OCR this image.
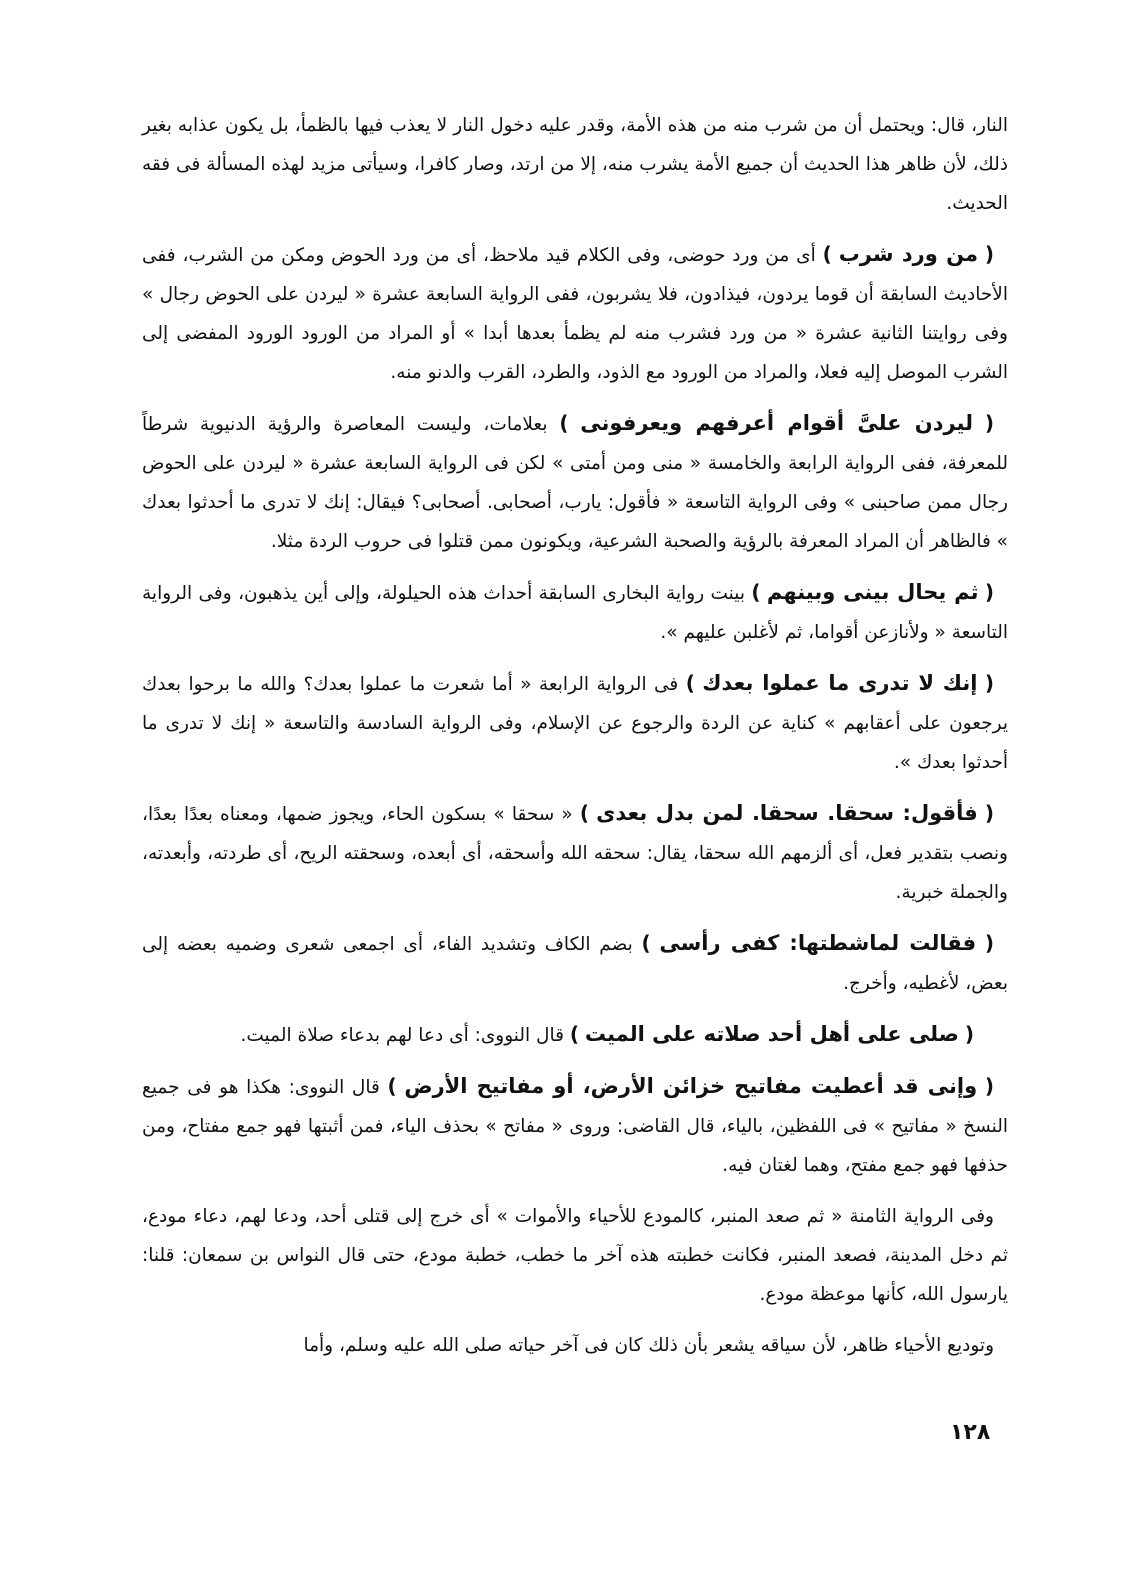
النار، قال: ويحتمل أن من شرب منه من هذه الأمة، وقدر عليه دخول النار لا يعذب فيها بالظمأ، بل يكون عذابه بغير ذلك، لأن ظاهر هذا الحديث أن جميع الأمة يشرب منه، إلا من ارتد، وصار كافرا، وسيأتى مزيد لهذه المسألة فى فقه الحديث.

( من ورد شرب ) أى من ورد حوضى، وفى الكلام قيد ملاحظ، أى من ورد الحوض ومكن من الشرب، ففى الأحاديث السابقة أن قوما يردون، فيذادون، فلا يشربون، ففى الرواية السابعة عشرة « ليردن على الحوض رجال » وفى روايتنا الثانية عشرة « من ورد فشرب منه لم يظمأ بعدها أبدا » أو المراد من الورود الورود المفضى إلى الشرب الموصل إليه فعلا، والمراد من الورود مع الذود، والطرد، القرب والدنو منه.

( ليردن علىَّ أقوام أعرفهم ويعرفونى ) بعلامات، وليست المعاصرة والرؤية الدنيوية شرطاً للمعرفة، ففى الرواية الرابعة والخامسة « منى ومن أمتى » لكن فى الرواية السابعة عشرة « ليردن على الحوض رجال ممن صاحبنى » وفى الرواية التاسعة « فأقول: يارب، أصحابى. أصحابى؟ فيقال: إنك لا تدرى ما أحدثوا بعدك » فالظاهر أن المراد المعرفة بالرؤية والصحبة الشرعية، ويكونون ممن قتلوا فى حروب الردة مثلا.

( ثم يحال بينى وبينهم ) بينت رواية البخارى السابقة أحداث هذه الحيلولة، وإلى أين يذهبون، وفى الرواية التاسعة « ولأنازعن أقواما، ثم لأغلبن عليهم ».

( إنك لا تدرى ما عملوا بعدك ) فى الرواية الرابعة « أما شعرت ما عملوا بعدك؟ والله ما برحوا بعدك يرجعون على أعقابهم » كناية عن الردة والرجوع عن الإسلام، وفى الرواية السادسة والتاسعة « إنك لا تدرى ما أحدثوا بعدك ».

( فأقول: سحقا. سحقا. لمن بدل بعدى ) « سحقا » بسكون الحاء، ويجوز ضمها، ومعناه بعدًا بعدًا، ونصب بتقدير فعل، أى ألزمهم الله سحقا، يقال: سحقه الله وأسحقه، أى أبعده، وسحقته الريح، أى طردته، وأبعدته، والجملة خبرية.

( فقالت لماشطتها: كفى رأسى ) بضم الكاف وتشديد الفاء، أى اجمعى شعرى وضميه بعضه إلى بعض، لأغطيه، وأخرج.

( صلى على أهل أحد صلاته على الميت ) قال النووى: أى دعا لهم بدعاء صلاة الميت.

( وإنى قد أعطيت مفاتيح خزائن الأرض، أو مفاتيح الأرض ) قال النووى: هكذا هو فى جميع النسخ « مفاتيح » فى اللفظين، بالياء، قال القاضى: وروى « مفاتح » بحذف الياء، فمن أثبتها فهو جمع مفتاح، ومن حذفها فهو جمع مفتح، وهما لغتان فيه.

وفى الرواية الثامنة « ثم صعد المنبر، كالمودع للأحياء والأموات » أى خرج إلى قتلى أحد، ودعا لهم، دعاء مودع، ثم دخل المدينة، فصعد المنبر، فكانت خطبته هذه آخر ما خطب، خطبة مودع، حتى قال النواس بن سمعان: قلنا: يارسول الله، كأنها موعظة مودع.

وتوديع الأحياء ظاهر، لأن سياقه يشعر بأن ذلك كان فى آخر حياته صلى الله عليه وسلم، وأما

١٢٨
